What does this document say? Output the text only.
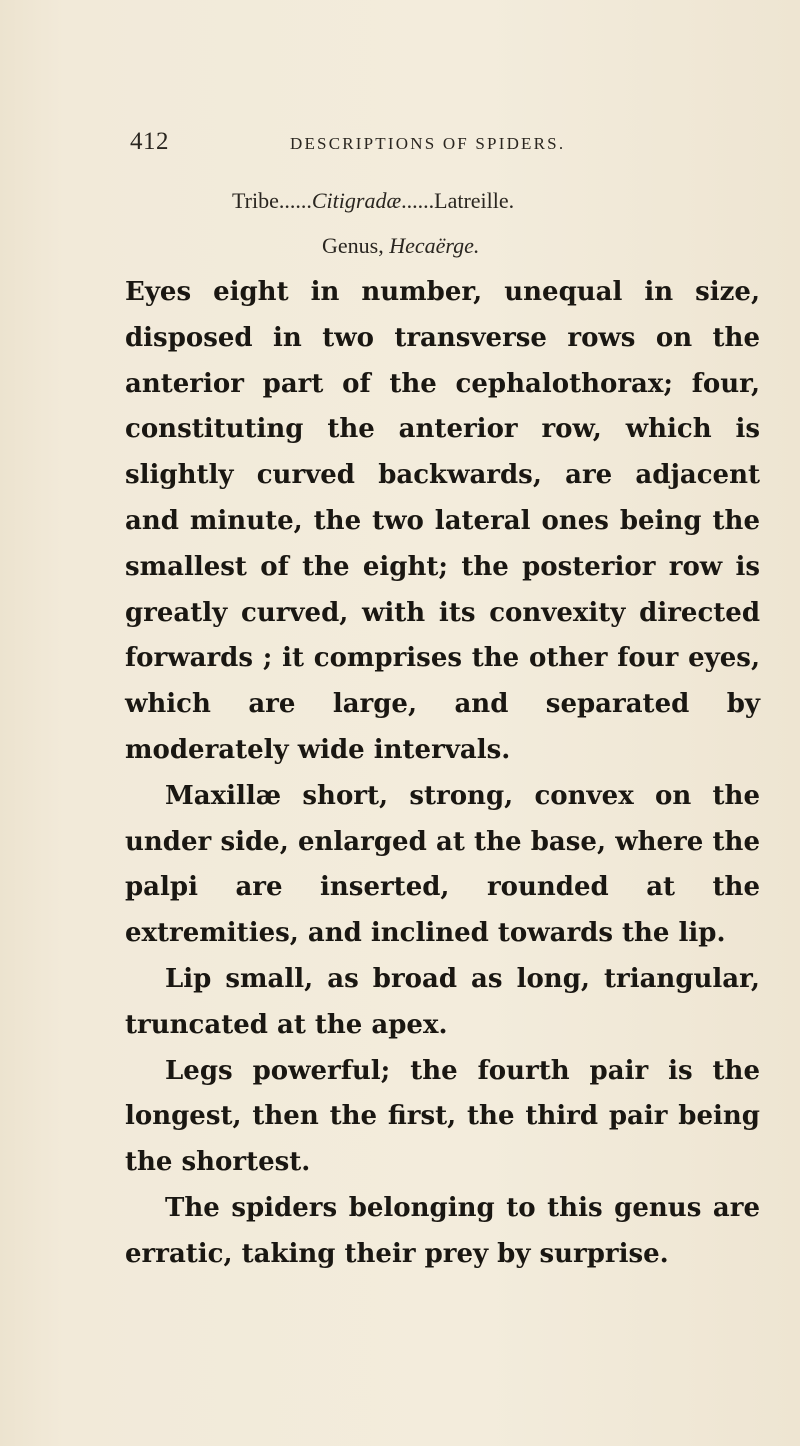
412	DESCRIPTIONS OF SPIDERS.
Tribe......Citigradæ......Latreille.
Genus, Hecaërge.

Eyes eight in number, unequal in size, disposed in two transverse rows on the anterior part of the cephalothorax; four, constituting the anterior row, which is slightly curved backwards, are adjacent and minute, the two lateral ones being the smallest of the eight; the posterior row is greatly curved, with its convexity directed forwards ; it comprises the other four eyes, which are large, and separated by moderately wide intervals.

Maxillæ short, strong, convex on the under side, enlarged at the base, where the palpi are inserted, rounded at the extremities, and inclined towards the lip.

Lip small, as broad as long, triangular, truncated at the apex.

Legs powerful; the fourth pair is the longest, then the first, the third pair being the shortest.

The spiders belonging to this genus are erratic, taking their prey by surprise.
